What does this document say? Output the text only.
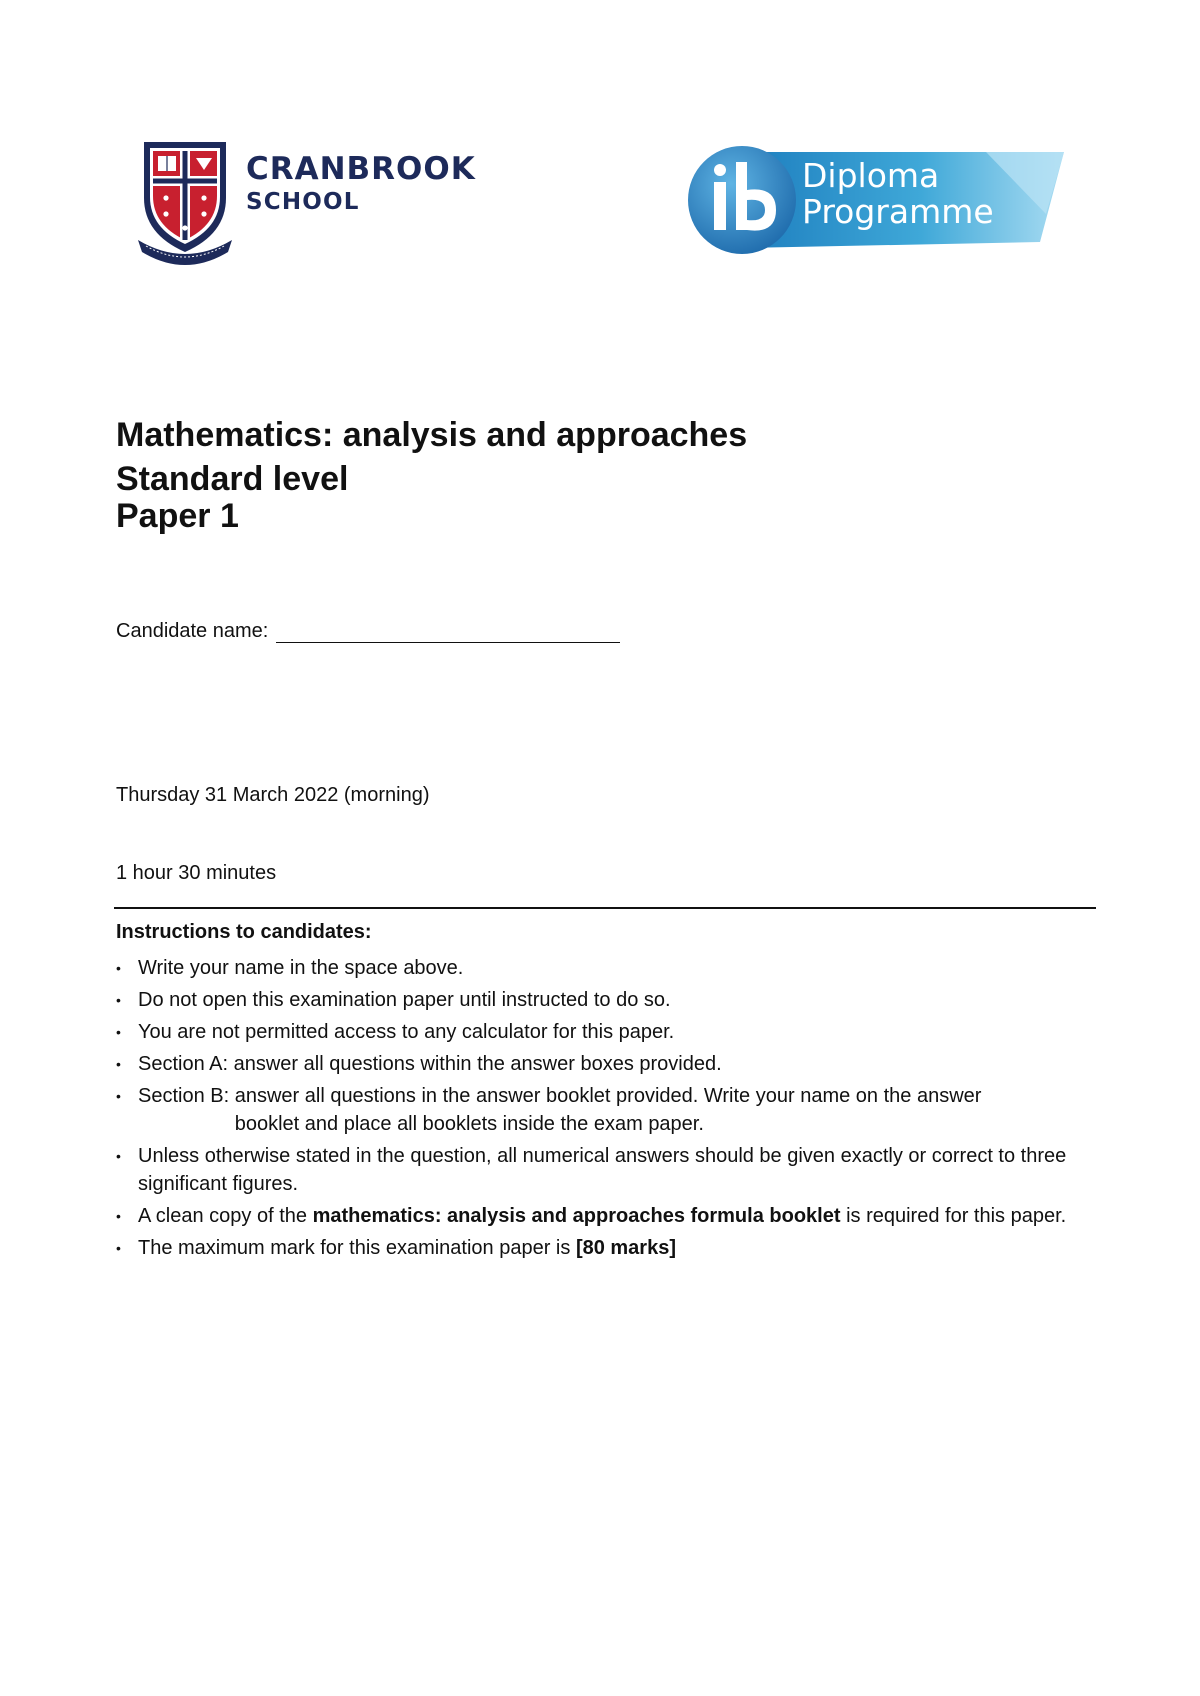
CRANBROOK
SCHOOL
Diploma
Programme
Mathematics: analysis and approaches
Standard level
Paper 1
Candidate name:
Thursday 31 March 2022 (morning)
1 hour 30 minutes
Instructions to candidates:
• Write your name in the space above.
• Do not open this examination paper until instructed to do so.
• You are not permitted access to any calculator for this paper.
• Section A: answer all questions within the answer boxes provided.
• Section B: answer all questions in the answer booklet provided. Write your name on the answer
booklet and place all booklets inside the exam paper.
• Unless otherwise stated in the question, all numerical answers should be given exactly or correct to three significant figures.
• A clean copy of the mathematics: analysis and approaches formula booklet is required for this paper.
• The maximum mark for this examination paper is [80 marks]
